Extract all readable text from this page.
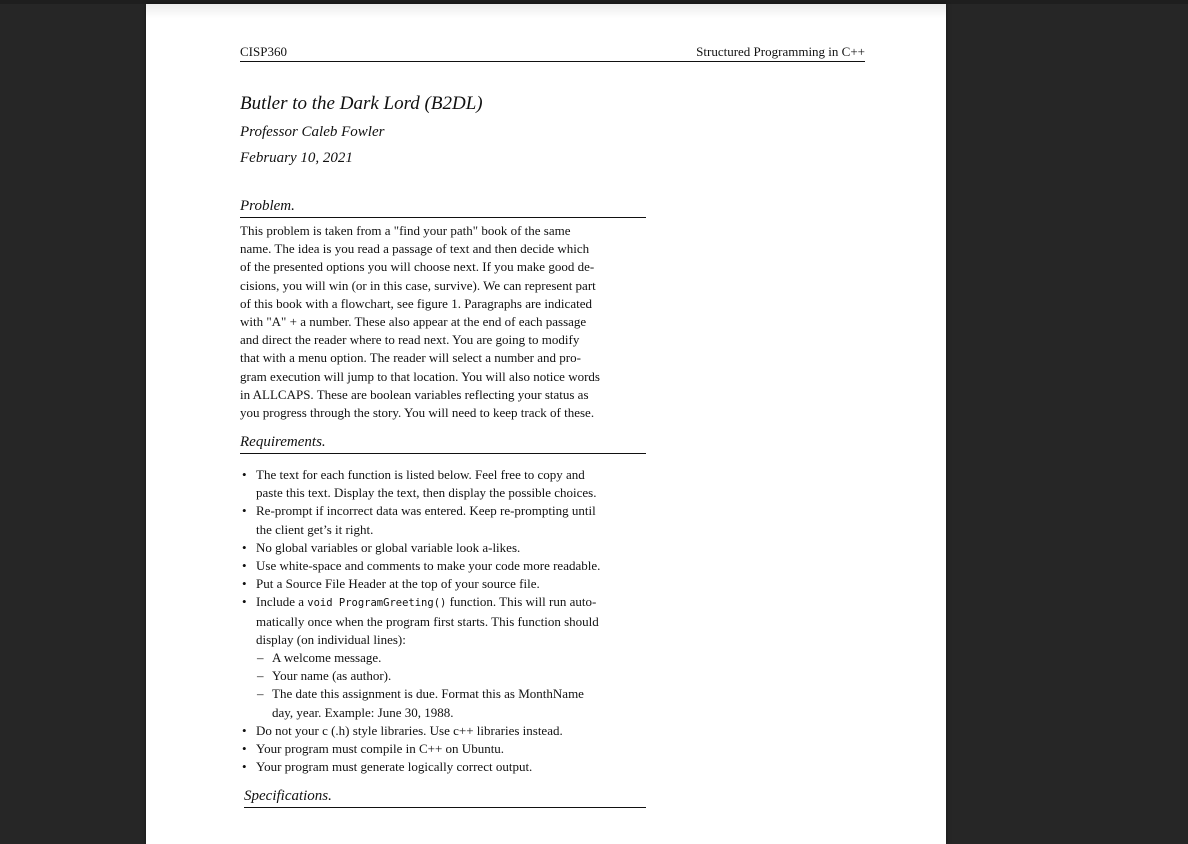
CISP360	Structured Programming in C++
Butler to the Dark Lord (B2DL)
Professor Caleb Fowler
February 10, 2021
Problem.

This problem is taken from a "find your path" book of the same
name. The idea is you read a passage of text and then decide which
of the presented options you will choose next. If you make good de-
cisions, you will win (or in this case, survive). We can represent part
of this book with a flowchart, see figure 1. Paragraphs are indicated
with "A" + a number. These also appear at the end of each passage
and direct the reader where to read next. You are going to modify
that with a menu option. The reader will select a number and pro-
gram execution will jump to that location. You will also notice words
in ALLCAPS. These are boolean variables reflecting your status as
you progress through the story. You will need to keep track of these.

Requirements.
• The text for each function is listed below. Feel free to copy and
paste this text. Display the text, then display the possible choices.
• Re-prompt if incorrect data was entered. Keep re-prompting until
the client get’s it right.
• No global variables or global variable look a-likes.
• Use white-space and comments to make your code more readable.
• Put a Source File Header at the top of your source file.
• Include a void ProgramGreeting() function. This will run auto-
matically once when the program first starts. This function should
display (on individual lines):
– A welcome message.
– Your name (as author).
– The date this assignment is due. Format this as MonthName
day, year. Example: June 30, 1988.
• Do not your c (.h) style libraries. Use c++ libraries instead.
• Your program must compile in C++ on Ubuntu.
• Your program must generate logically correct output.
Specifications.
